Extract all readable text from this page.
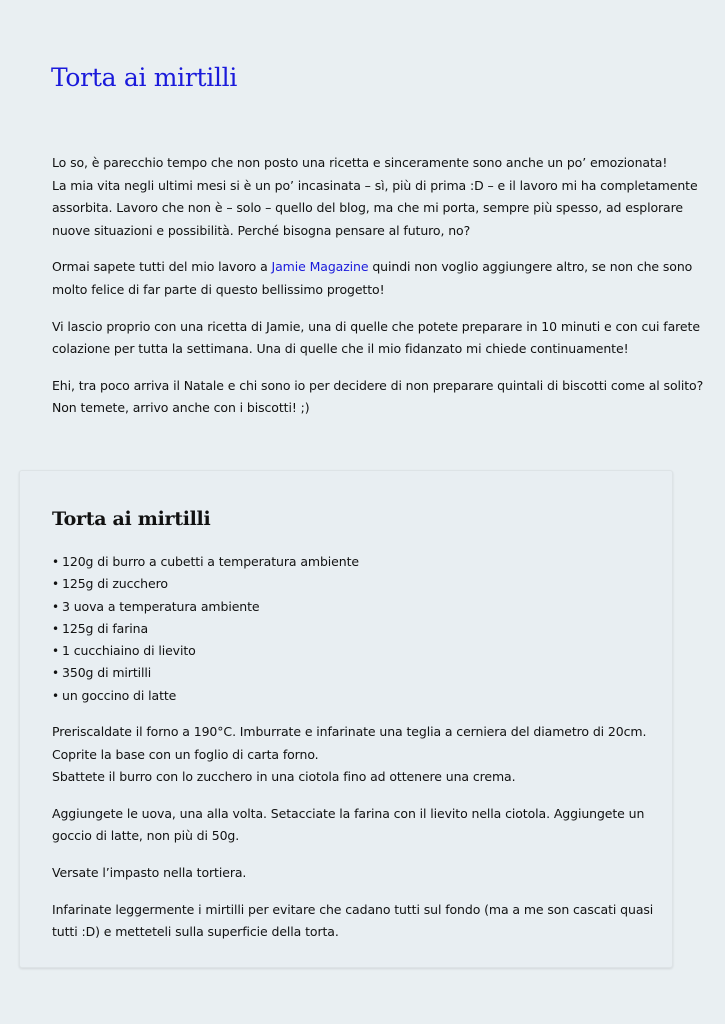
Torta ai mirtilli

Lo so, è parecchio tempo che non posto una ricetta e sinceramente sono anche un po’ emozionata!
La mia vita negli ultimi mesi si è un po’ incasinata – sì, più di prima :D – e il lavoro mi ha completamente
assorbita. Lavoro che non è – solo – quello del blog, ma che mi porta, sempre più spesso, ad esplorare
nuove situazioni e possibilità. Perché bisogna pensare al futuro, no?

Ormai sapete tutti del mio lavoro a Jamie Magazine quindi non voglio aggiungere altro, se non che sono
molto felice di far parte di questo bellissimo progetto!

Vi lascio proprio con una ricetta di Jamie, una di quelle che potete preparare in 10 minuti e con cui farete
colazione per tutta la settimana. Una di quelle che il mio fidanzato mi chiede continuamente!

Ehi, tra poco arriva il Natale e chi sono io per decidere di non preparare quintali di biscotti come al solito?
Non temete, arrivo anche con i biscotti! ;)

Torta ai mirtilli
• 120g di burro a cubetti a temperatura ambiente
• 125g di zucchero
• 3 uova a temperatura ambiente
• 125g di farina
• 1 cucchiaino di lievito
• 350g di mirtilli
• un goccino di latte

Preriscaldate il forno a 190°C. Imburrate e infarinate una teglia a cerniera del diametro di 20cm.
Coprite la base con un foglio di carta forno.
Sbattete il burro con lo zucchero in una ciotola fino ad ottenere una crema.

Aggiungete le uova, una alla volta. Setacciate la farina con il lievito nella ciotola. Aggiungete un
goccio di latte, non più di 50g.

Versate l’impasto nella tortiera.

Infarinate leggermente i mirtilli per evitare che cadano tutti sul fondo (ma a me son cascati quasi
tutti :D) e metteteli sulla superficie della torta.
